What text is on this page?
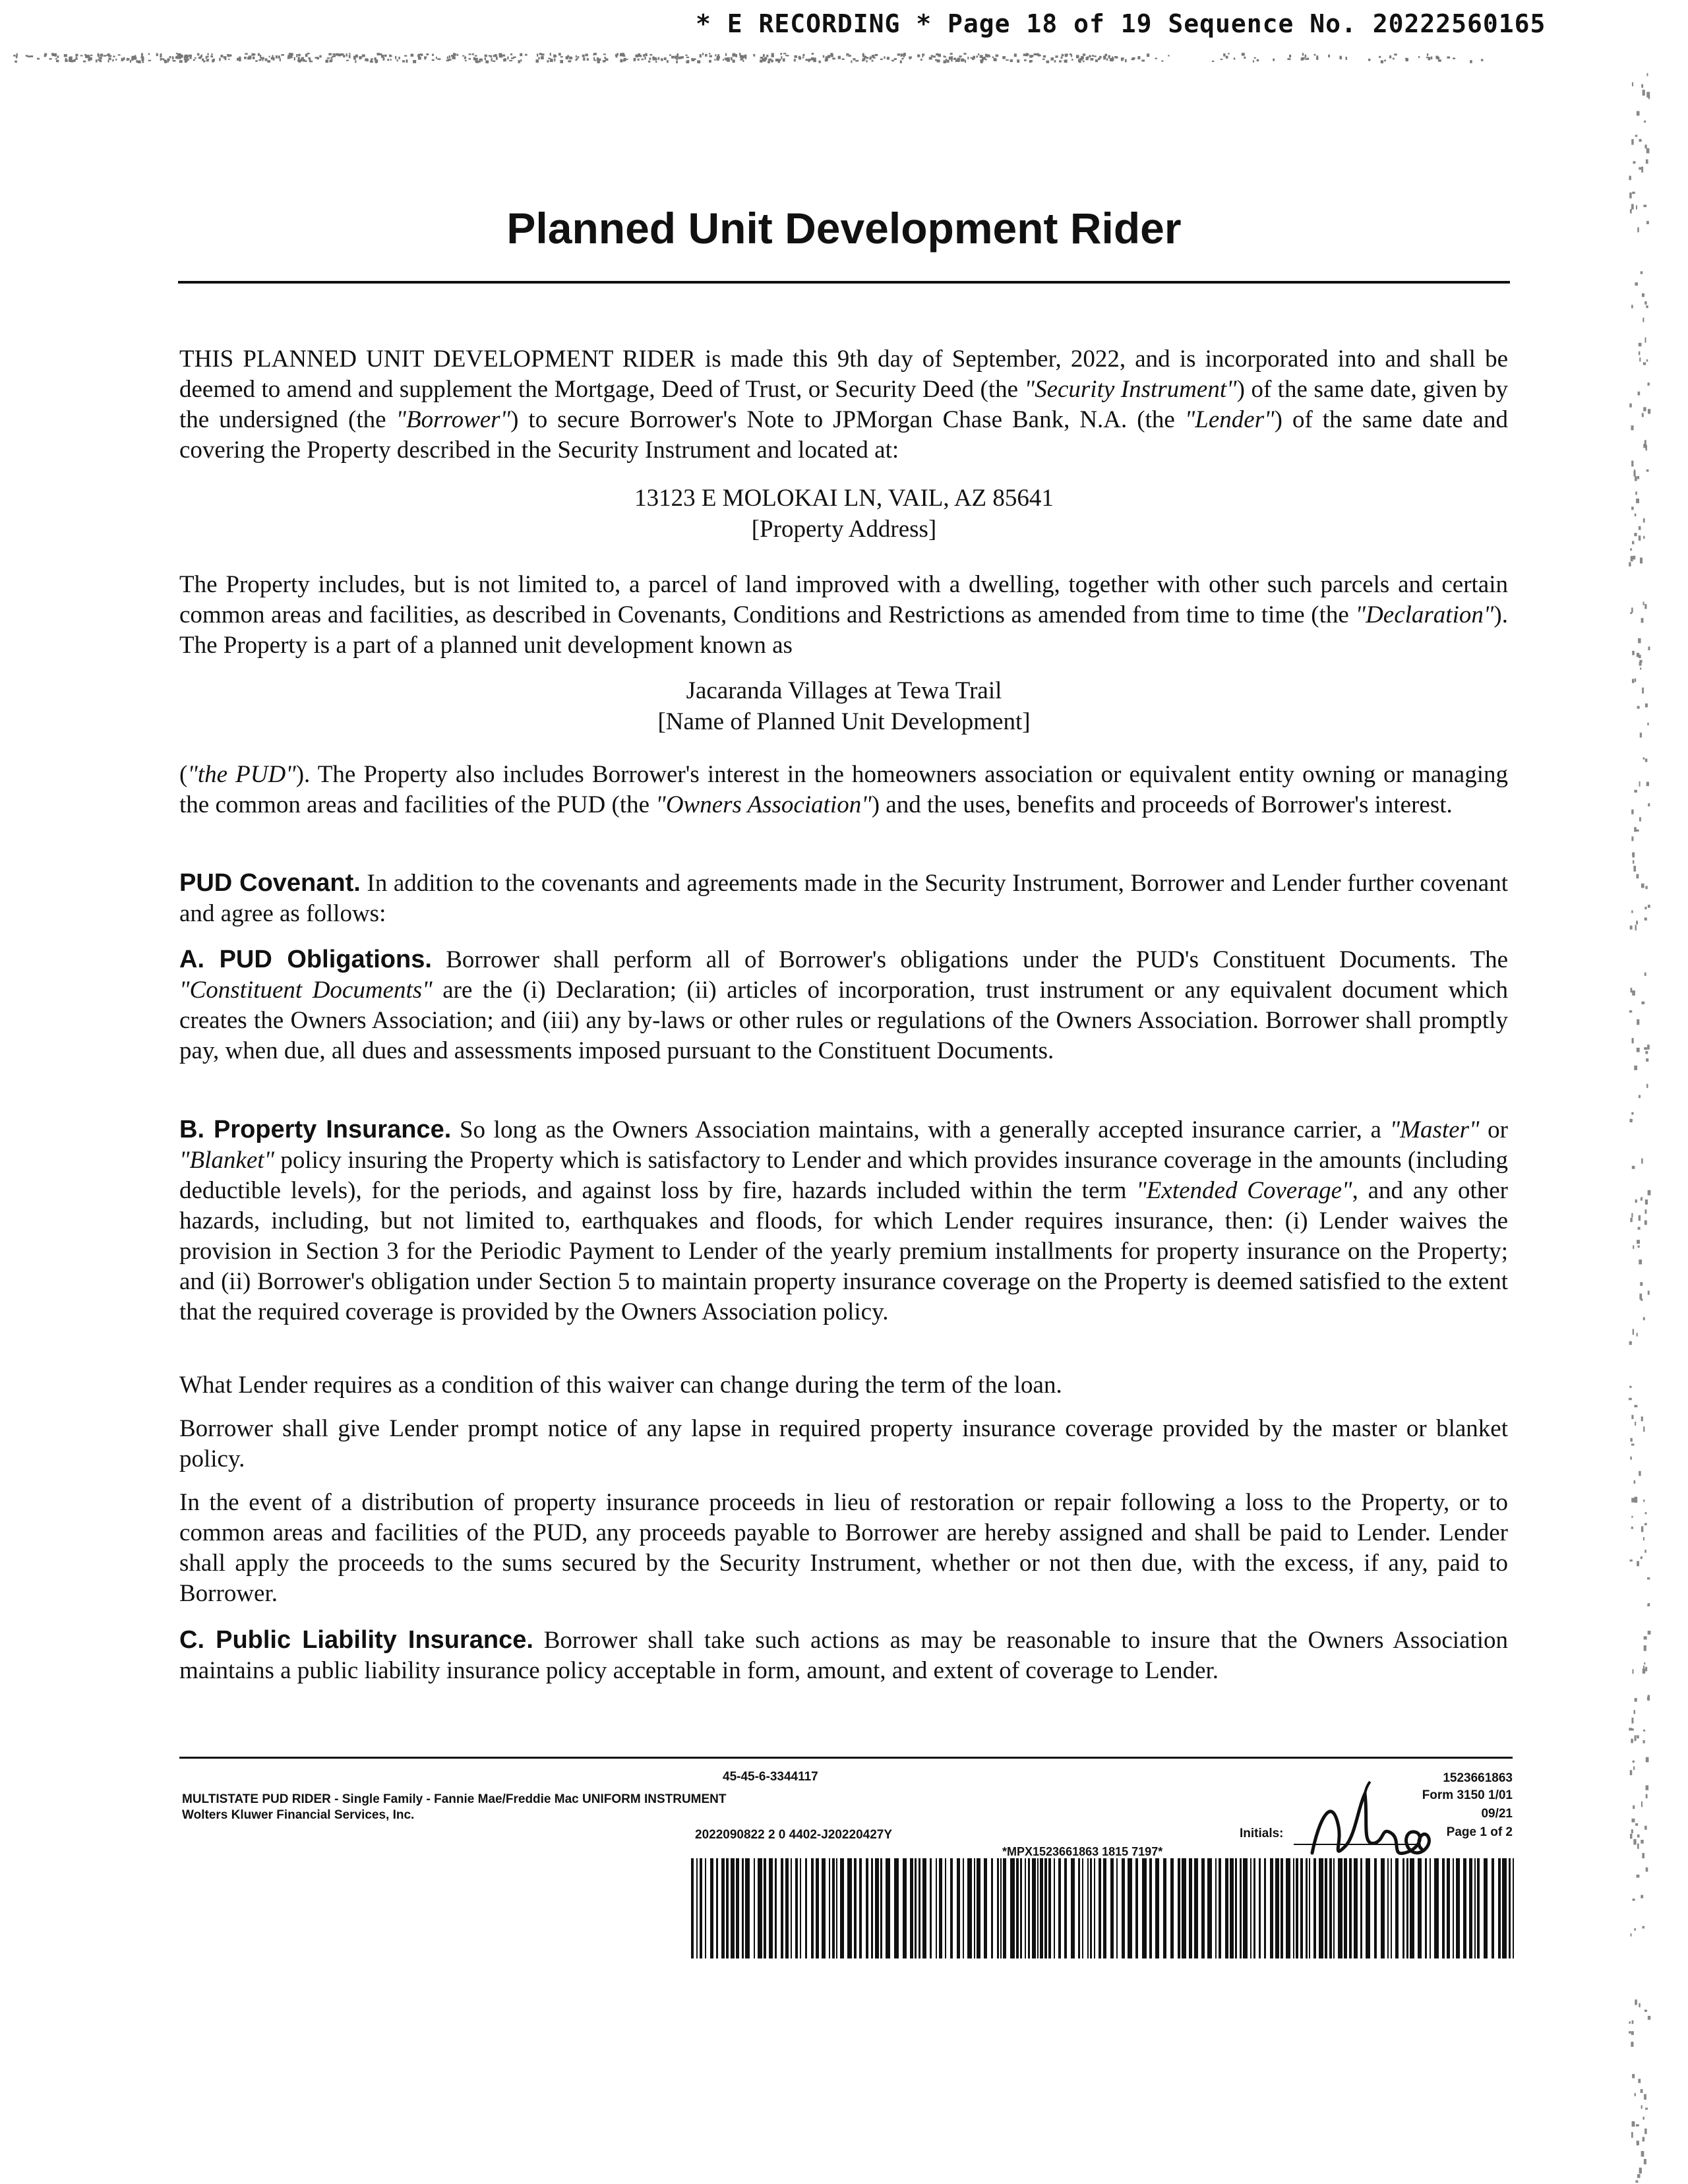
* E RECORDING * Page 18 of 19 Sequence No. 20222560165
Planned Unit Development Rider

THIS PLANNED UNIT DEVELOPMENT RIDER is made this 9th day of September, 2022, and is incorporated into and shall be deemed to amend and supplement the Mortgage, Deed of Trust, or Security Deed (the "Security Instrument") of the same date, given by the undersigned (the "Borrower") to secure Borrower's Note to JPMorgan Chase Bank, N.A. (the "Lender") of the same date and covering the Property described in the Security Instrument and located at:

13123 E MOLOKAI LN, VAIL, AZ 85641
[Property Address]

The Property includes, but is not limited to, a parcel of land improved with a dwelling, together with other such parcels and certain common areas and facilities, as described in Covenants, Conditions and Restrictions as amended from time to time (the "Declaration"). The Property is a part of a planned unit development known as

Jacaranda Villages at Tewa Trail
[Name of Planned Unit Development]

("the PUD"). The Property also includes Borrower's interest in the homeowners association or equivalent entity owning or managing the common areas and facilities of the PUD (the "Owners Association") and the uses, benefits and proceeds of Borrower's interest.

PUD Covenant. In addition to the covenants and agreements made in the Security Instrument, Borrower and Lender further covenant and agree as follows:

A. PUD Obligations. Borrower shall perform all of Borrower's obligations under the PUD's Constituent Documents. The "Constituent Documents" are the (i) Declaration; (ii) articles of incorporation, trust instrument or any equivalent document which creates the Owners Association; and (iii) any by-laws or other rules or regulations of the Owners Association. Borrower shall promptly pay, when due, all dues and assessments imposed pursuant to the Constituent Documents.

B. Property Insurance. So long as the Owners Association maintains, with a generally accepted insurance carrier, a "Master" or "Blanket" policy insuring the Property which is satisfactory to Lender and which provides insurance coverage in the amounts (including deductible levels), for the periods, and against loss by fire, hazards included within the term "Extended Coverage", and any other hazards, including, but not limited to, earthquakes and floods, for which Lender requires insurance, then: (i) Lender waives the provision in Section 3 for the Periodic Payment to Lender of the yearly premium installments for property insurance on the Property; and (ii) Borrower's obligation under Section 5 to maintain property insurance coverage on the Property is deemed satisfied to the extent that the required coverage is provided by the Owners Association policy.

What Lender requires as a condition of this waiver can change during the term of the loan.

Borrower shall give Lender prompt notice of any lapse in required property insurance coverage provided by the master or blanket policy.

In the event of a distribution of property insurance proceeds in lieu of restoration or repair following a loss to the Property, or to common areas and facilities of the PUD, any proceeds payable to Borrower are hereby assigned and shall be paid to Lender. Lender shall apply the proceeds to the sums secured by the Security Instrument, whether or not then due, with the excess, if any, paid to Borrower.

C. Public Liability Insurance. Borrower shall take such actions as may be reasonable to insure that the Owners Association maintains a public liability insurance policy acceptable in form, amount, and extent of coverage to Lender.

45-45-6-3344117
MULTISTATE PUD RIDER - Single Family - Fannie Mae/Freddie Mac UNIFORM INSTRUMENT
Wolters Kluwer Financial Services, Inc.
2022090822 2 0 4402-J20220427Y
1523661863
Form 3150 1/01
09/21
Page 1 of 2
Initials:
*MPX1523661863 1815 7197*
